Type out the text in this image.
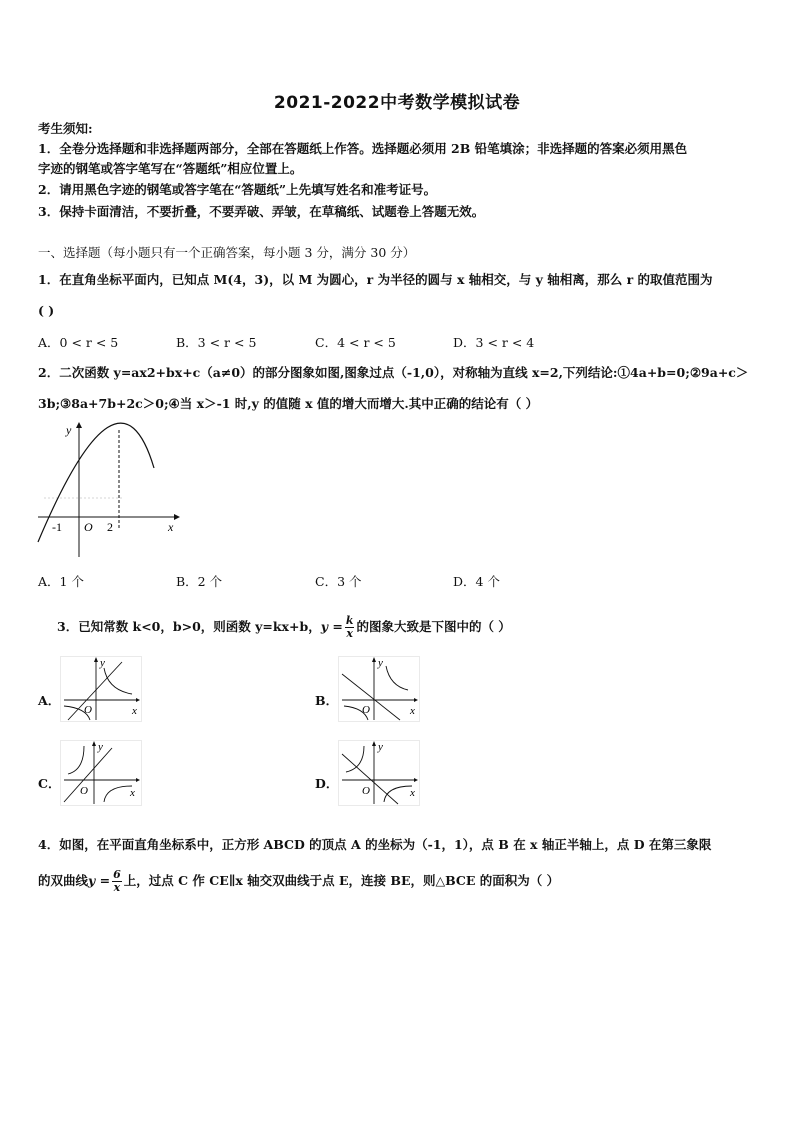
2021-2022中考数学模拟试卷
考生须知:
1．全卷分选择题和非选择题两部分，全部在答题纸上作答。选择题必须用 2B 铅笔填涂；非选择题的答案必须用黑色
字迹的钢笔或答字笔写在“答题纸”相应位置上。
2．请用黑色字迹的钢笔或答字笔在“答题纸”上先填写姓名和准考证号。
3．保持卡面清洁，不要折叠，不要弄破、弄皱，在草稿纸、试题卷上答题无效。
一、选择题（每小题只有一个正确答案，每小题 3 分，满分 30 分）
1．在直角坐标平面内，已知点 M(4，3)，以 M 为圆心，r 为半径的圆与 x 轴相交，与 y 轴相离，那么 r 的取值范围为
( )
A．0 < r < 5	B．3 < r < 5	C．4 < r < 5	D．3 < r < 4
2．二次函数 y=ax2+bx+c（a≠0）的部分图象如图,图象过点（-1,0），对称轴为直线 x=2,下列结论:①4a+b=0;②9a+c＞
3b;③8a+7b+2c＞0;④当 x＞-1 时,y 的值随 x 值的增大而增大.其中正确的结论有（ ）
y
x
O
-1	2
A．1 个	B．2 个	C．3 个	D．4 个
3．已知常数 k<0，b>0，则函数 y=kx+b，$y = \frac{k}{x}$ 的图象大致是下图中的（ ）
A．	B．
C．	D．
y
x
O
y
x
O
y
x
O
y
x
O
4．如图，在平面直角坐标系中，正方形 ABCD 的顶点 A 的坐标为（-1，1），点 B 在 x 轴正半轴上，点 D 在第三象限
的双曲线$y = \frac{6}{x}$ 上，过点 C 作 CE∥x 轴交双曲线于点 E，连接 BE，则△BCE 的面积为（ ）
